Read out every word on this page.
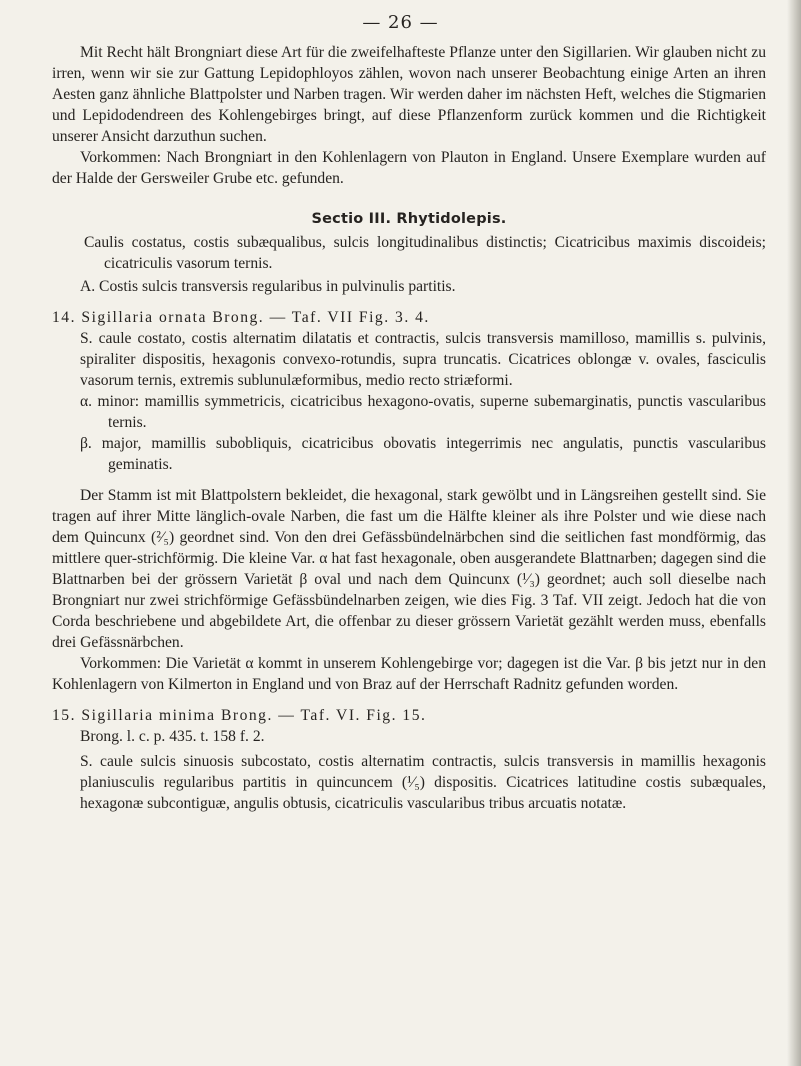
— 26 —

Mit Recht hält Brongniart diese Art für die zweifelhafteste Pflanze unter den Sigillarien. Wir glauben nicht zu irren, wenn wir sie zur Gattung Lepidophloyos zählen, wovon nach unserer Beobachtung einige Arten an ihren Aesten ganz ähnliche Blattpolster und Narben tragen. Wir werden daher im nächsten Heft, welches die Stigmarien und Lepidodendreen des Kohlengebirges bringt, auf diese Pflanzenform zurück kommen und die Richtigkeit unserer Ansicht darzuthun suchen.

Vorkommen: Nach Brongniart in den Kohlenlagern von Plauton in England. Unsere Exemplare wurden auf der Halde der Gersweiler Grube etc. gefunden.

Sectio III. Rhytidolepis.

Caulis costatus, costis subæqualibus, sulcis longitudinalibus distinctis; Cicatricibus maximis discoideis; cicatriculis vasorum ternis.

A. Costis sulcis transversis regularibus in pulvinulis partitis.

14. Sigillaria ornata Brong. — Taf. VII Fig. 3. 4.

S. caule costato, costis alternatim dilatatis et contractis, sulcis transversis mamilloso, mamillis s. pulvinis, spiraliter dispositis, hexagonis convexo-rotundis, supra truncatis. Cicatrices oblongæ v. ovales, fasciculis vasorum ternis, extremis sublunulæformibus, medio recto striæformi.

α. minor: mamillis symmetricis, cicatricibus hexagono-ovatis, superne subemarginatis, punctis vascularibus ternis.

β. major, mamillis subobliquis, cicatricibus obovatis integerrimis nec angulatis, punctis vascularibus geminatis.

Der Stamm ist mit Blattpolstern bekleidet, die hexagonal, stark gewölbt und in Längsreihen gestellt sind. Sie tragen auf ihrer Mitte länglich-ovale Narben, die fast um die Hälfte kleiner als ihre Polster und wie diese nach dem Quincunx (²⁄₅) geordnet sind. Von den drei Gefässbündelnärbchen sind die seitlichen fast mondförmig, das mittlere quer-strichförmig. Die kleine Var. α hat fast hexagonale, oben ausgerandete Blattnarben; dagegen sind die Blattnarben bei der grössern Varietät β oval und nach dem Quincunx (¹⁄₃) geordnet; auch soll dieselbe nach Brongniart nur zwei strichförmige Gefässbündelnarben zeigen, wie dies Fig. 3 Taf. VII zeigt. Jedoch hat die von Corda beschriebene und abgebildete Art, die offenbar zu dieser grössern Varietät gezählt werden muss, ebenfalls drei Gefässnärbchen.

Vorkommen: Die Varietät α kommt in unserem Kohlengebirge vor; dagegen ist die Var. β bis jetzt nur in den Kohlenlagern von Kilmerton in England und von Braz auf der Herrschaft Radnitz gefunden worden.

15. Sigillaria minima Brong. — Taf. VI. Fig. 15.

Brong. l. c. p. 435. t. 158 f. 2.

S. caule sulcis sinuosis subcostato, costis alternatim contractis, sulcis transversis in mamillis hexagonis planiusculis regularibus partitis in quincuncem (¹⁄₅) dispositis. Cicatrices latitudine costis subæquales, hexagonæ subcontiguæ, angulis obtusis, cicatriculis vascularibus tribus arcuatis notatæ.
